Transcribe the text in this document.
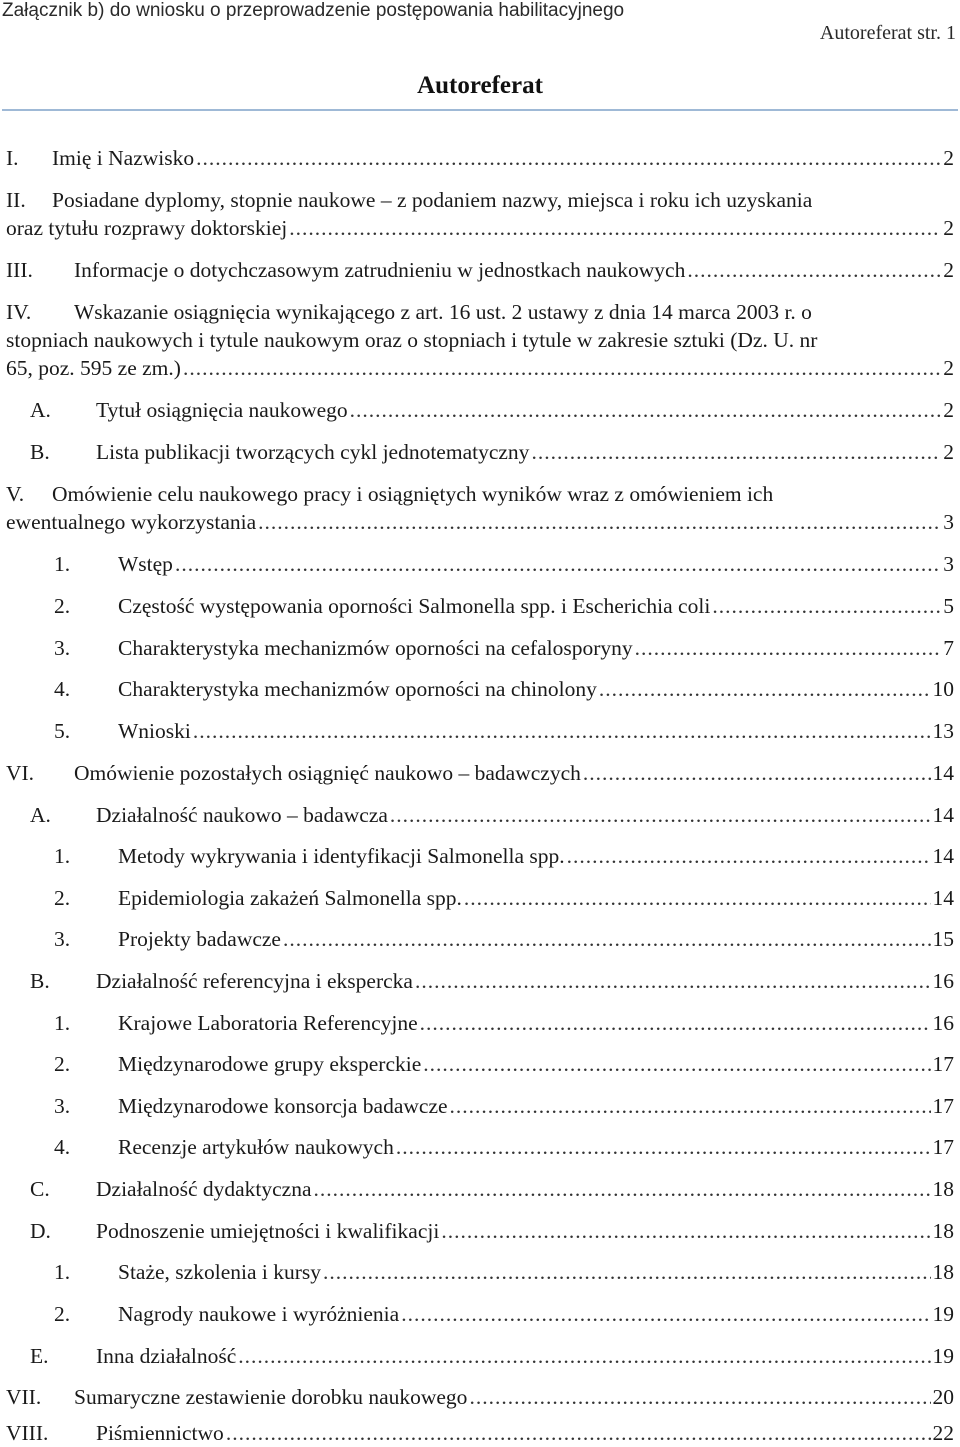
Załącznik b) do wniosku o przeprowadzenie postępowania habilitacyjnego
Autoreferat str. 1
Autoreferat
I.	Imię i Nazwisko .....	2
II.	Posiadane dyplomy, stopnie naukowe – z podaniem nazwy, miejsca i roku ich uzyskania
oraz tytułu rozprawy doktorskiej .....	2
III.	Informacje o dotychczasowym zatrudnieniu w jednostkach naukowych .....	2
IV.	Wskazanie osiągnięcia wynikającego z art. 16 ust. 2 ustawy z dnia 14 marca 2003 r. o
stopniach naukowych i tytule naukowym oraz o stopniach i tytule w zakresie sztuki (Dz. U. nr
65, poz. 595 ze zm.) .....	2
A.	Tytuł osiągnięcia naukowego .....	2
B.	Lista publikacji tworzących cykl jednotematyczny .....	2
V.	Omówienie celu naukowego pracy i osiągniętych wyników wraz z omówieniem ich
ewentualnego wykorzystania .....	3
1.	Wstęp .....	3
2.	Częstość występowania oporności Salmonella spp. i Escherichia coli .....	5
3.	Charakterystyka mechanizmów oporności na cefalosporyny .....	7
4.	Charakterystyka mechanizmów oporności na chinolony .....	10
5.	Wnioski .....	13
VI.	Omówienie pozostałych osiągnięć naukowo – badawczych .....	14
A.	Działalność naukowo – badawcza .....	14
1.	Metody wykrywania i identyfikacji Salmonella spp. .....	14
2.	Epidemiologia zakażeń Salmonella spp. .....	14
3.	Projekty badawcze .....	15
B.	Działalność referencyjna i ekspercka .....	16
1.	Krajowe Laboratoria Referencyjne .....	16
2.	Międzynarodowe grupy eksperckie .....	17
3.	Międzynarodowe konsorcja badawcze .....	17
4.	Recenzje artykułów naukowych .....	17
C.	Działalność dydaktyczna .....	18
D.	Podnoszenie umiejętności i kwalifikacji .....	18
1.	Staże, szkolenia i kursy .....	18
2.	Nagrody naukowe i wyróżnienia .....	19
E.	Inna działalność .....	19
VII.	Sumaryczne zestawienie dorobku naukowego .....	20
VIII.	Piśmiennictwo .....	22
